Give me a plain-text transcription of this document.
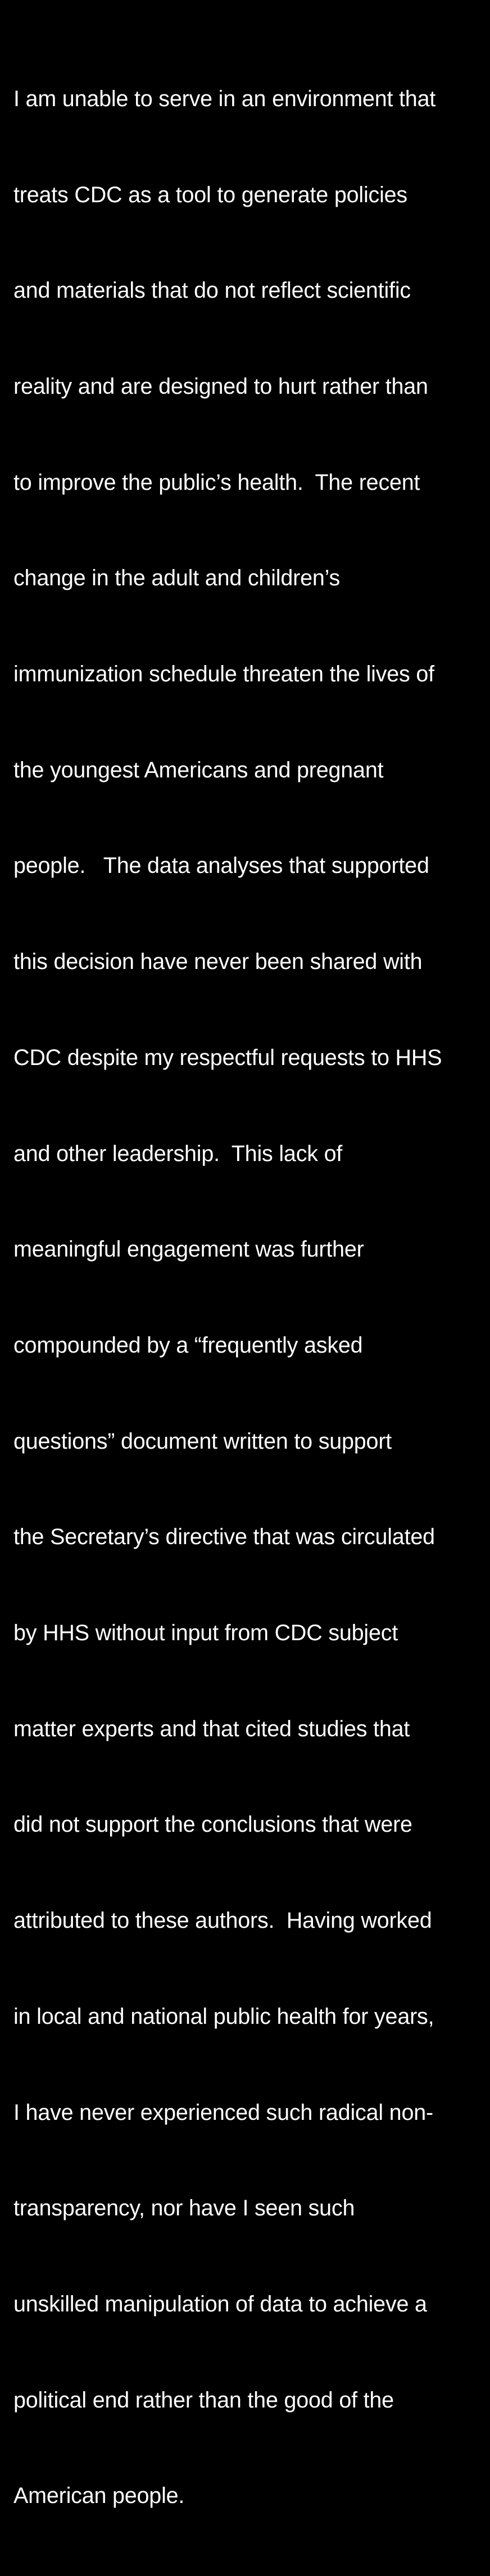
I am unable to serve in an environment that

treats CDC as a tool to generate policies

and materials that do not reflect scientific

reality and are designed to hurt rather than

to improve the public’s health.  The recent

change in the adult and children’s

immunization schedule threaten the lives of

the youngest Americans and pregnant

people.   The data analyses that supported

this decision have never been shared with

CDC despite my respectful requests to HHS

and other leadership.  This lack of

meaningful engagement was further

compounded by a “frequently asked

questions” document written to support

the Secretary’s directive that was circulated

by HHS without input from CDC subject

matter experts and that cited studies that

did not support the conclusions that were

attributed to these authors.  Having worked

in local and national public health for years,

I have never experienced such radical non-

transparency, nor have I seen such

unskilled manipulation of data to achieve a

political end rather than the good of the

American people.
